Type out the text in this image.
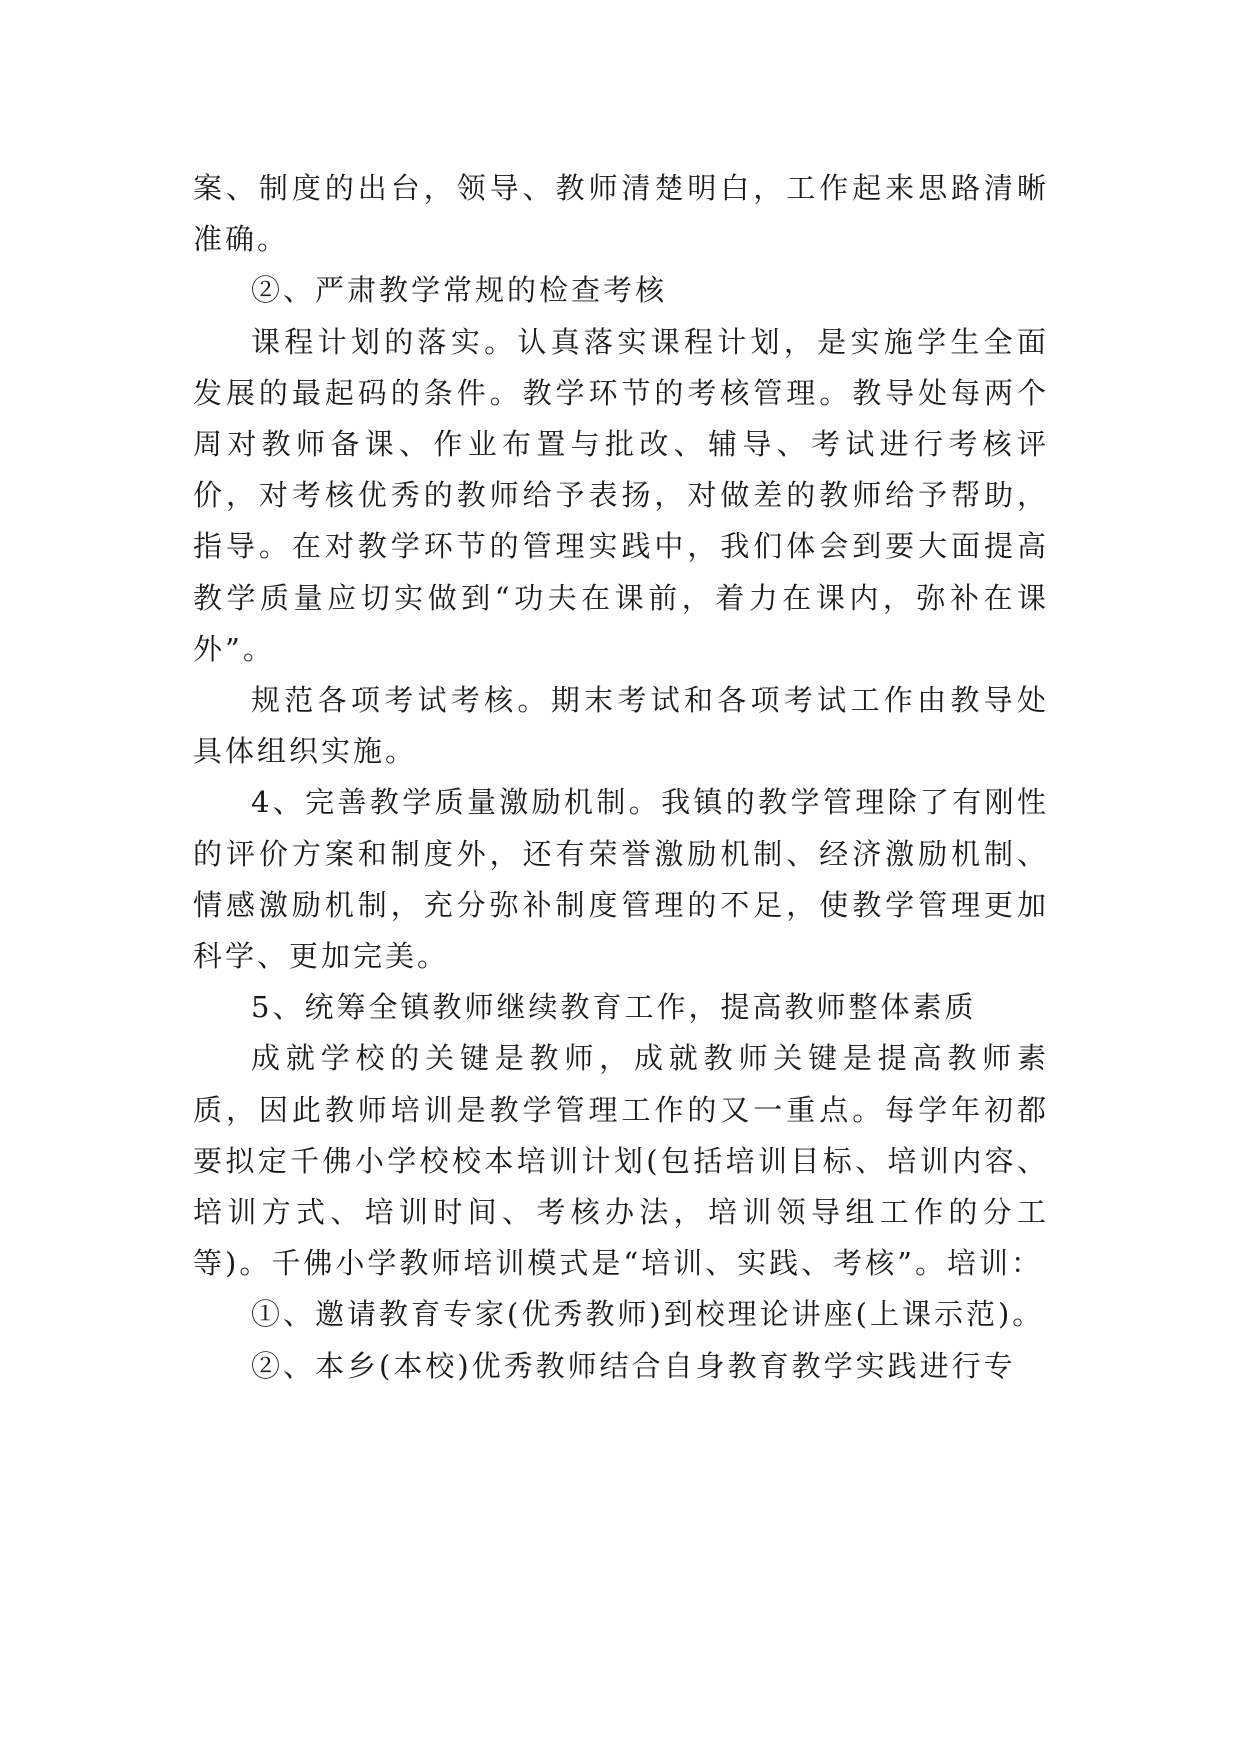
案、制度的出台，领导、教师清楚明白，工作起来思路清晰准确。

②、严肃教学常规的检查考核

课程计划的落实。认真落实课程计划，是实施学生全面发展的最起码的条件。教学环节的考核管理。教导处每两个周对教师备课、作业布置与批改、辅导、考试进行考核评价，对考核优秀的教师给予表扬，对做差的教师给予帮助，指导。在对教学环节的管理实践中，我们体会到要大面提高教学质量应切实做到“功夫在课前，着力在课内，弥补在课外”。

规范各项考试考核。期末考试和各项考试工作由教导处具体组织实施。

4、完善教学质量激励机制。我镇的教学管理除了有刚性的评价方案和制度外，还有荣誉激励机制、经济激励机制、情感激励机制，充分弥补制度管理的不足，使教学管理更加科学、更加完美。

5、统筹全镇教师继续教育工作，提高教师整体素质

成就学校的关键是教师，成就教师关键是提高教师素质，因此教师培训是教学管理工作的又一重点。每学年初都要拟定千佛小学校校本培训计划(包括培训目标、培训内容、培训方式、培训时间、考核办法，培训领导组工作的分工等)。千佛小学教师培训模式是“培训、实践、考核”。培训：

①、邀请教育专家(优秀教师)到校理论讲座(上课示范)。

②、本乡(本校)优秀教师结合自身教育教学实践进行专
